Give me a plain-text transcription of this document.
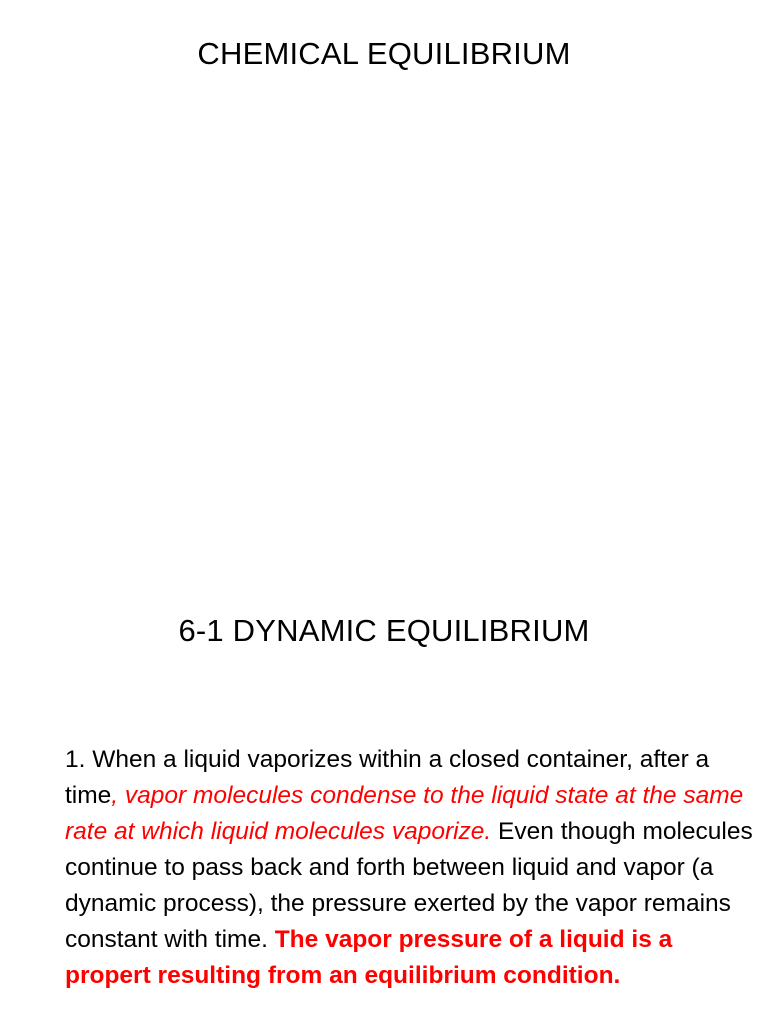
CHEMICAL EQUILIBRIUM
6-1 DYNAMIC EQUILIBRIUM

1. When a liquid vaporizes within a closed container, after a time, vapor molecules condense to the liquid state at the same rate at which liquid molecules vaporize. Even though molecules continue to pass back and forth between liquid and vapor (a dynamic process), the pressure exerted by the vapor remains constant with time. The vapor pressure of a liquid is a propert resulting from an equilibrium condition.
